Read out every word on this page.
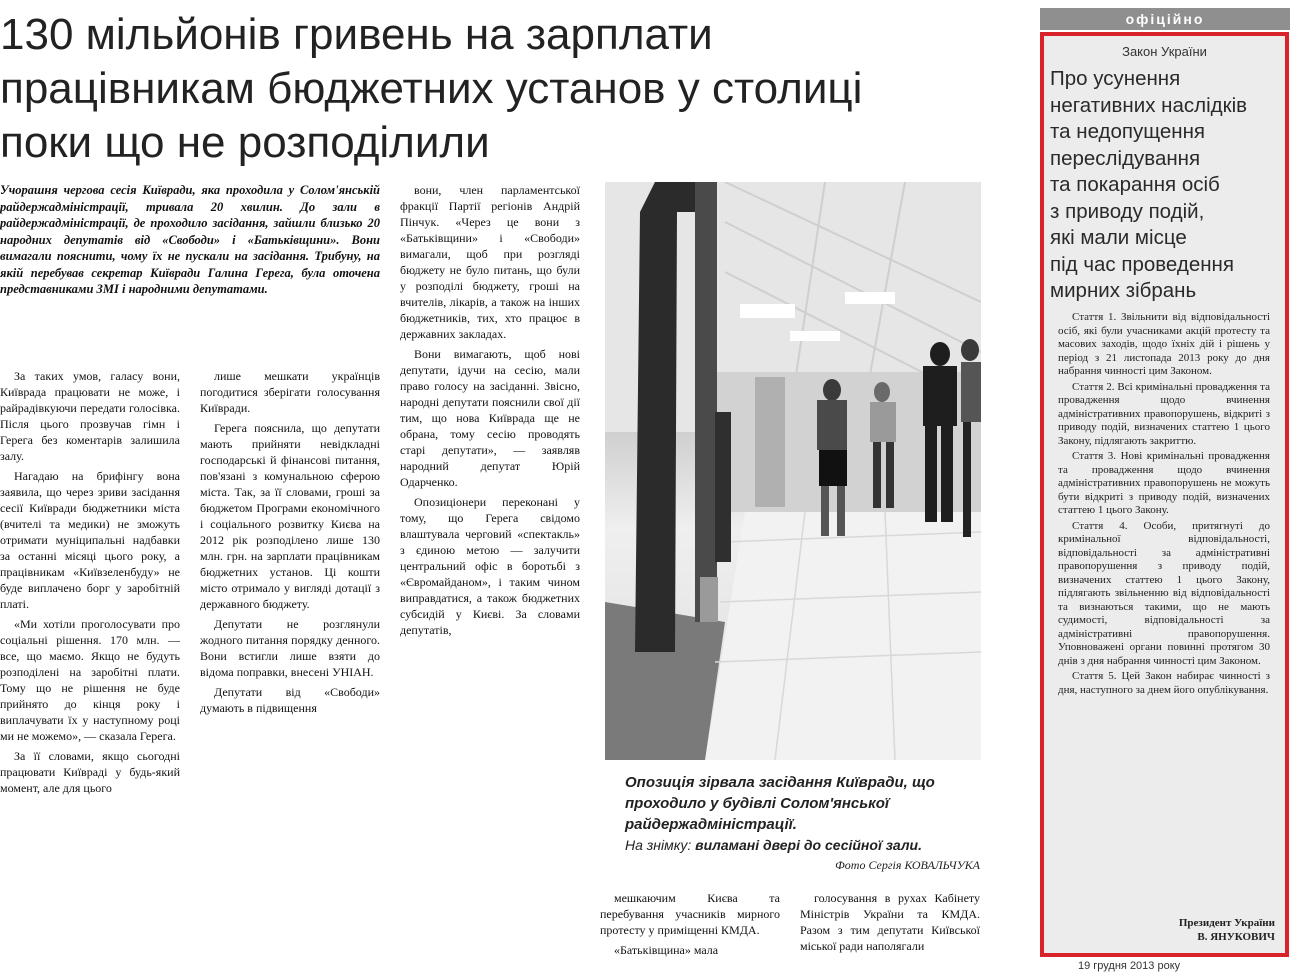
130 мільйонів гривень на зарплати
працівникам бюджетних установ у столиці
поки що не розподілили
Учорашня чергова сесія Київради, яка проходила у Солом'янській райдержадміністрації, тривала 20 хвилин. До зали в райдержадміністрації, де проходило засідання, зайшли близько 20 народних депутатів від «Свободи» і «Батьківщини». Вони вимагали пояснити, чому їх не пускали на засідання. Трибуну, на якій перебував секретар Київради Галина Герега, була оточена представниками ЗМІ і народними депутатами.

За таких умов, галасу вони, Київрада працювати не може, і райрадівкуючи передати голосівка. Після цього прозвучав гімн і Герега без коментарів залишила залу.

Нагадаю на брифінгу вона заявила, що через зриви засідання сесії Київради бюджетники міста (вчителі та медики) не зможуть отримати муніципальні надбавки за останні місяці цього року, а працівникам «Київзеленбуду» не буде виплачено борг у заробітній платі.

«Ми хотіли проголосувати про соціальні рішення. 170 млн. — все, що маємо. Якщо не будуть розподілені на заробітні плати. Тому що не рішення не буде прийнято до кінця року і виплачувати їх у наступному році ми не можемо», — сказала Герега.

За її словами, якщо сьогодні працювати Київраді у будь-який момент, але для цього

лише мешкати українців погодитися зберігати голосування Київради.

Герега пояснила, що депутати мають прийняти невідкладні господарські й фінансові питання, пов'язані з комунальною сферою міста. Так, за її словами, гроші за бюджетом Програми економічного і соціального розвитку Києва на 2012 рік розподілено лише 130 млн. грн. на зарплати працівникам бюджетних установ. Ці кошти місто отримало у вигляді дотації з державного бюджету.

Депутати не розглянули жодного питання порядку денного. Вони встигли лише взяти до відома поправки, внесені УНІАН.

Депутати від «Свободи» думають в підвищення

вони, член парламентської фракції Партії регіонів Андрій Пінчук. «Через це вони з «Батьківщини» і «Свободи» вимагали, щоб при розгляді бюджету не було питань, що були у розподілі бюджету, гроші на вчителів, лікарів, а також на інших бюджетників, тих, хто працює в державних закладах.

Вони вимагають, щоб нові депутати, ідучи на сесію, мали право голосу на засіданні. Звісно, народні депутати пояснили свої дії тим, що нова Київрада ще не обрана, тому сесію проводять старі депутати», — заявляв народний депутат Юрій Одарченко.

Опозиціонери переконані у тому, що Герега свідомо влаштувала черговий «спектакль» з єдиною метою — залучити центральний офіс в боротьбі з «Євромайданом», і таким чином виправдатися, а також бюджетних субсидій у Києві. За словами депутатів,

мешкаючим Києва та перебування учасників мирного протесту у приміщенні КМДА.

«Батьківщина» мала

голосування в рухах Кабінету Міністрів України та КМДА. Разом з тим депутати Київської міської ради наполягали

Опозиція зірвала засідання Київради, що проходило у будівлі Солом'янської райдержадміністрації.
На знімку: виламані двері до сесійної зали.
Фото Сергія КОВАЛЬЧУКА
офіційно
Закон України
Про усунення
негативних наслідків
та недопущення
переслідування
та покарання осіб
з приводу подій,
які мали місце
під час проведення
мирних зібрань

Стаття 1. Звільнити від відповідальності осіб, які були учасниками акцій протесту та масових заходів, щодо їхніх дій і рішень у період з 21 листопада 2013 року до дня набрання чинності цим Законом.

Стаття 2. Всі кримінальні провадження та провадження щодо вчинення адміністративних правопорушень, відкриті з приводу подій, визначених статтею 1 цього Закону, підлягають закриттю.

Стаття 3. Нові кримінальні провадження та провадження щодо вчинення адміністративних правопорушень не можуть бути відкриті з приводу подій, визначених статтею 1 цього Закону.

Стаття 4. Особи, притягнуті до кримінальної відповідальності, відповідальності за адміністративні правопорушення з приводу подій, визначених статтею 1 цього Закону, підлягають звільненню від відповідальності та визнаються такими, що не мають судимості, відповідальності за адміністративні правопорушення. Уповноважені органи повинні протягом 30 днів з дня набрання чинності цим Законом.

Стаття 5. Цей Закон набирає чинності з дня, наступного за днем його опублікування.

Президент України
В. ЯНУКОВИЧ
19 грудня 2013 року
